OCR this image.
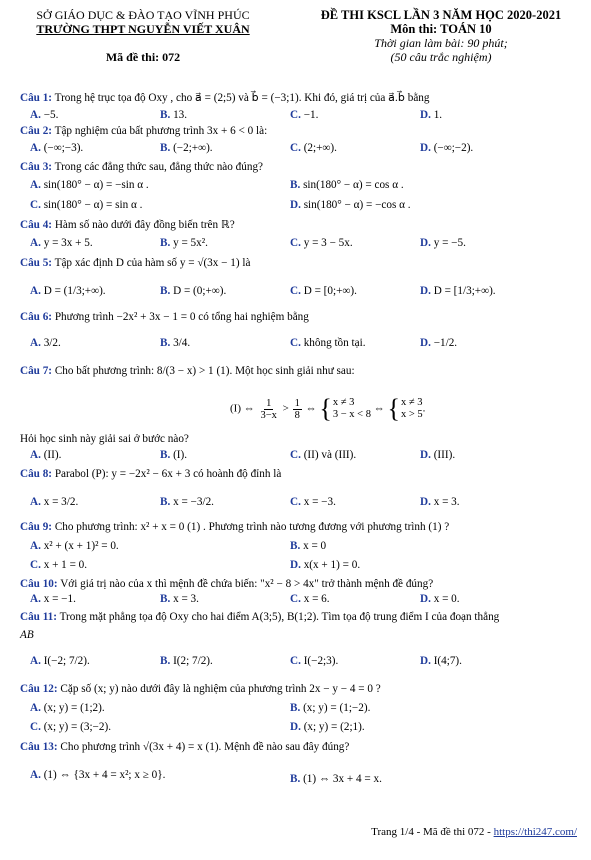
SỞ GIÁO DỤC & ĐÀO TẠO VĨNH PHÚC
TRƯỜNG THPT NGUYỄN VIẾT XUÂN
Mã đề thi: 072
ĐỀ THI KSCL LẦN 3 NĂM HỌC 2020-2021
Môn thi: TOÁN 10
Thời gian làm bài: 90 phút;
(50 câu trắc nghiệm)
Câu 1: Trong hệ trục tọa độ Oxy , cho a⃗ = (2;5) và b⃗ = (−3;1). Khi đó, giá trị của a⃗.b⃗ bằng
A. −5.	B. 13.	C. −1.	D. 1.
Câu 2: Tập nghiệm của bất phương trình 3x + 6 < 0 là:
A. (−∞;−3).	B. (−2;+∞).	C. (2;+∞).	D. (−∞;−2).
Câu 3: Trong các đẳng thức sau, đẳng thức nào đúng?
A. sin(180° − α) = −sin α .	B. sin(180° − α) = cos α .
C. sin(180° − α) = sin α .	D. sin(180° − α) = −cos α .
Câu 4: Hàm số nào dưới đây đồng biến trên ℝ?
A. y = 3x + 5.	B. y = 5x².	C. y = 3 − 5x.	D. y = −5.
Câu 5: Tập xác định D của hàm số y = √(3x − 1) là
A. D = (1/3;+∞).	B. D = (0;+∞).	C. D = [0;+∞).	D. D = [1/3;+∞).
Câu 6: Phương trình −2x² + 3x − 1 = 0 có tổng hai nghiệm bằng
A. 3/2.	B. 3/4.	C. không tồn tại.	D. −1/2.
Câu 7: Cho bất phương trình: 8/(3 − x) > 1 (1). Một học sinh giải như sau:
(I) ⇔ $\frac{1}{3-x} > \frac{1}{8}$ ⇔ { x ≠ 3
3 − x < 8 ⇔ { x ≠ 3
x > 5 .
Hỏi học sinh này giải sai ở bước nào?
A. (II).	B. (I).	C. (II) và (III).	D. (III).
Câu 8: Parabol (P): y = −2x² − 6x + 3 có hoành độ đỉnh là
A. x = 3/2.	B. x = −3/2.	C. x = −3.	D. x = 3.
Câu 9: Cho phương trình: x² + x = 0 (1) . Phương trình nào tương đương với phương trình (1) ?
A. x² + (x + 1)² = 0.	B. x = 0
C. x + 1 = 0.	D. x(x + 1) = 0.
Câu 10: Với giá trị nào của x thì mệnh đề chứa biến: "x² − 8 > 4x" trở thành mệnh đề đúng?
A. x = −1.	B. x = 3.	C. x = 6.	D. x = 0.
Câu 11: Trong mặt phẳng tọa độ Oxy cho hai điểm A(3;5), B(1;2). Tìm tọa độ trung điểm I của đoạn thẳng
AB
A. I(−2; 7/2).	B. I(2; 7/2).	C. I(−2;3).	D. I(4;7).
Câu 12: Cặp số (x; y) nào dưới đây là nghiệm của phương trình 2x − y − 4 = 0 ?
A. (x; y) = (1;2).	B. (x; y) = (1;−2).
C. (x; y) = (3;−2).	D. (x; y) = (2;1).
Câu 13: Cho phương trình √(3x + 4) = x (1). Mệnh đề nào sau đây đúng?
A. (1) ⇔ {3x + 4 = x²; x ≥ 0}.	B. (1) ⇔ 3x + 4 = x.
Trang 1/4 - Mã đề thi 072 - https://thi247.com/
